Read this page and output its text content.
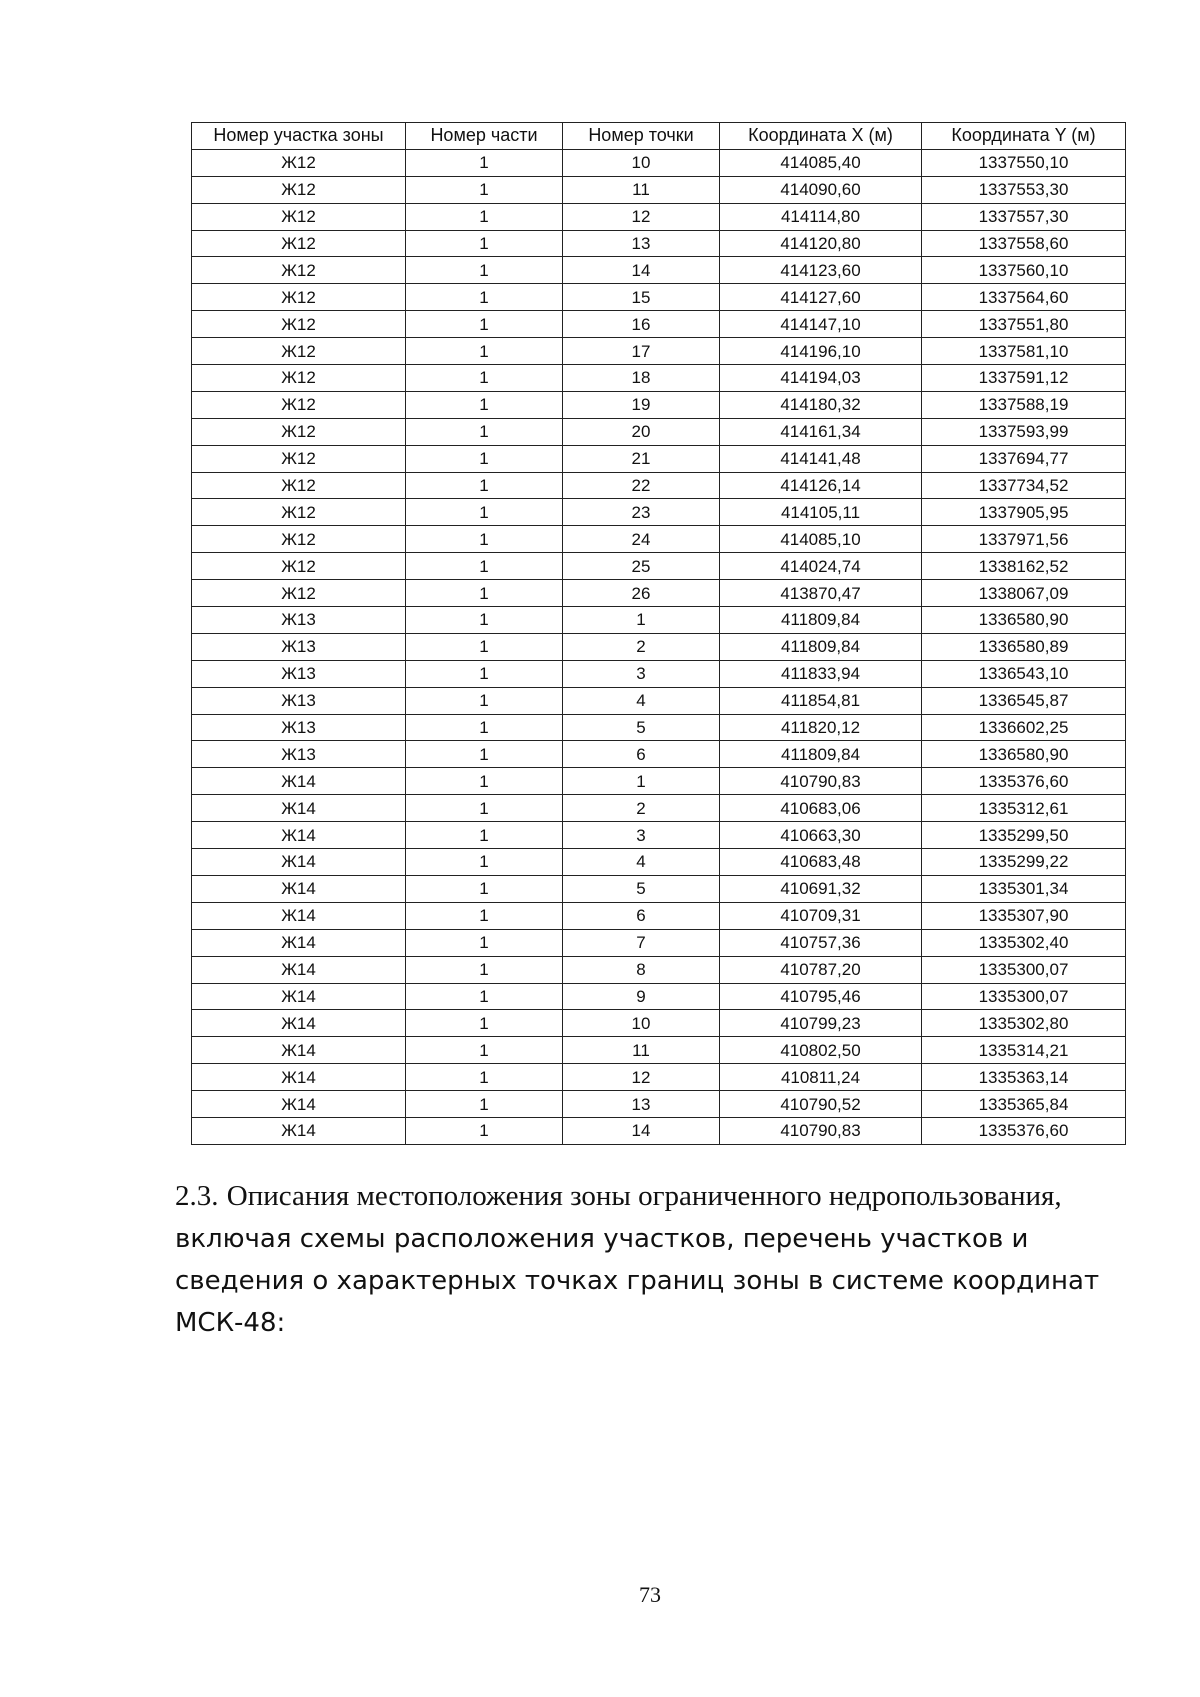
Номер участка зоны	Номер части	Номер точки	Координата X (м)	Координата Y (м)
Ж12	1	10	414085,40	1337550,10
Ж12	1	11	414090,60	1337553,30
Ж12	1	12	414114,80	1337557,30
Ж12	1	13	414120,80	1337558,60
Ж12	1	14	414123,60	1337560,10
Ж12	1	15	414127,60	1337564,60
Ж12	1	16	414147,10	1337551,80
Ж12	1	17	414196,10	1337581,10
Ж12	1	18	414194,03	1337591,12
Ж12	1	19	414180,32	1337588,19
Ж12	1	20	414161,34	1337593,99
Ж12	1	21	414141,48	1337694,77
Ж12	1	22	414126,14	1337734,52
Ж12	1	23	414105,11	1337905,95
Ж12	1	24	414085,10	1337971,56
Ж12	1	25	414024,74	1338162,52
Ж12	1	26	413870,47	1338067,09
Ж13	1	1	411809,84	1336580,90
Ж13	1	2	411809,84	1336580,89
Ж13	1	3	411833,94	1336543,10
Ж13	1	4	411854,81	1336545,87
Ж13	1	5	411820,12	1336602,25
Ж13	1	6	411809,84	1336580,90
Ж14	1	1	410790,83	1335376,60
Ж14	1	2	410683,06	1335312,61
Ж14	1	3	410663,30	1335299,50
Ж14	1	4	410683,48	1335299,22
Ж14	1	5	410691,32	1335301,34
Ж14	1	6	410709,31	1335307,90
Ж14	1	7	410757,36	1335302,40
Ж14	1	8	410787,20	1335300,07
Ж14	1	9	410795,46	1335300,07
Ж14	1	10	410799,23	1335302,80
Ж14	1	11	410802,50	1335314,21
Ж14	1	12	410811,24	1335363,14
Ж14	1	13	410790,52	1335365,84
Ж14	1	14	410790,83	1335376,60
2.3. Описания местоположения зоны ограниченного недропользования, включая схемы расположения участков, перечень участков и сведения о характерных точках границ зоны в системе координат МСК-48:
73
